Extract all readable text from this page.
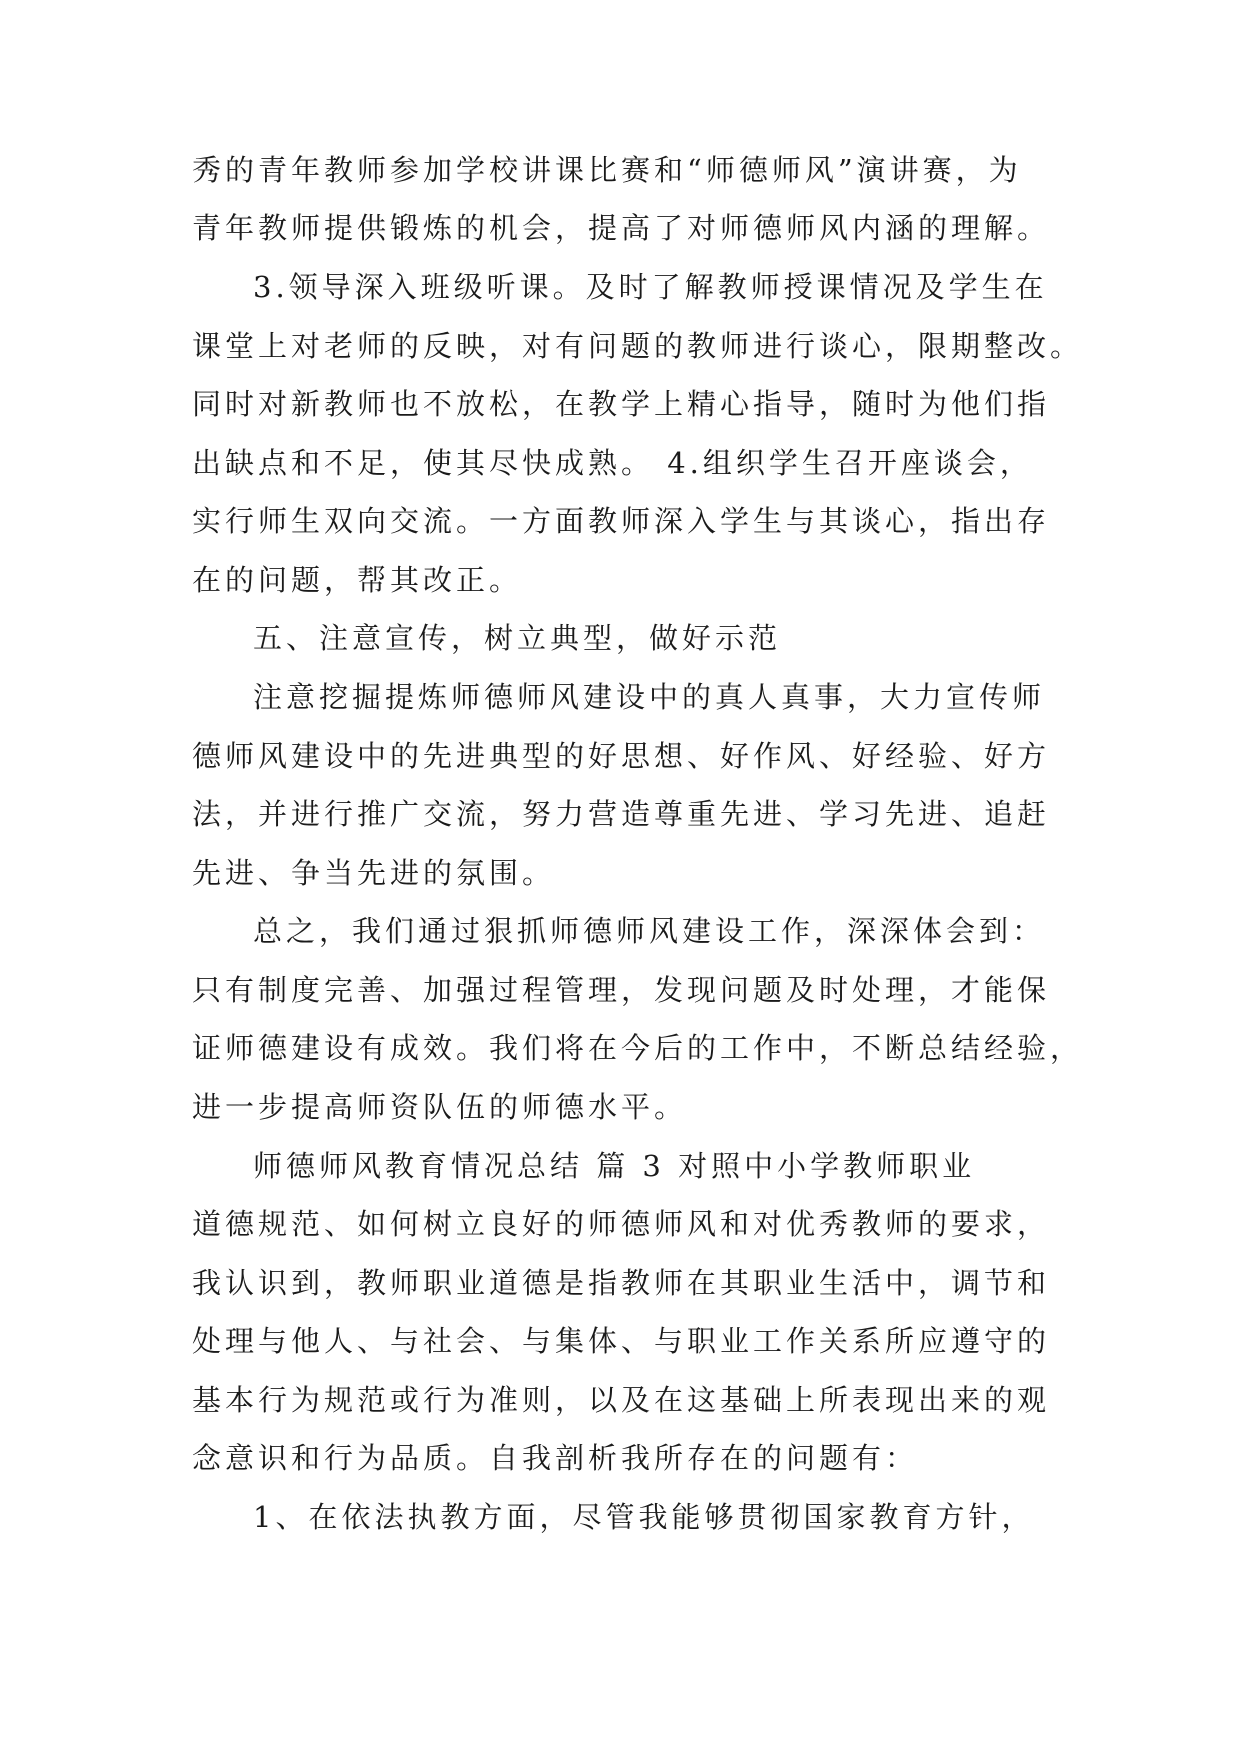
秀的青年教师参加学校讲课比赛和“师德师风”演讲赛，为
青年教师提供锻炼的机会，提高了对师德师风内涵的理解。
3.领导深入班级听课。及时了解教师授课情况及学生在
课堂上对老师的反映，对有问题的教师进行谈心，限期整改。
同时对新教师也不放松，在教学上精心指导，随时为他们指
出缺点和不足，使其尽快成熟。 4.组织学生召开座谈会，
实行师生双向交流。一方面教师深入学生与其谈心，指出存
在的问题，帮其改正。
五、注意宣传，树立典型，做好示范
注意挖掘提炼师德师风建设中的真人真事，大力宣传师
德师风建设中的先进典型的好思想、好作风、好经验、好方
法，并进行推广交流，努力营造尊重先进、学习先进、追赶
先进、争当先进的氛围。
总之，我们通过狠抓师德师风建设工作，深深体会到：
只有制度完善、加强过程管理，发现问题及时处理，才能保
证师德建设有成效。我们将在今后的工作中，不断总结经验，
进一步提高师资队伍的师德水平。
师德师风教育情况总结 篇 3 对照中小学教师职业
道德规范、如何树立良好的师德师风和对优秀教师的要求，
我认识到，教师职业道德是指教师在其职业生活中，调节和
处理与他人、与社会、与集体、与职业工作关系所应遵守的
基本行为规范或行为准则，以及在这基础上所表现出来的观
念意识和行为品质。自我剖析我所存在的问题有：
1、在依法执教方面，尽管我能够贯彻国家教育方针，
